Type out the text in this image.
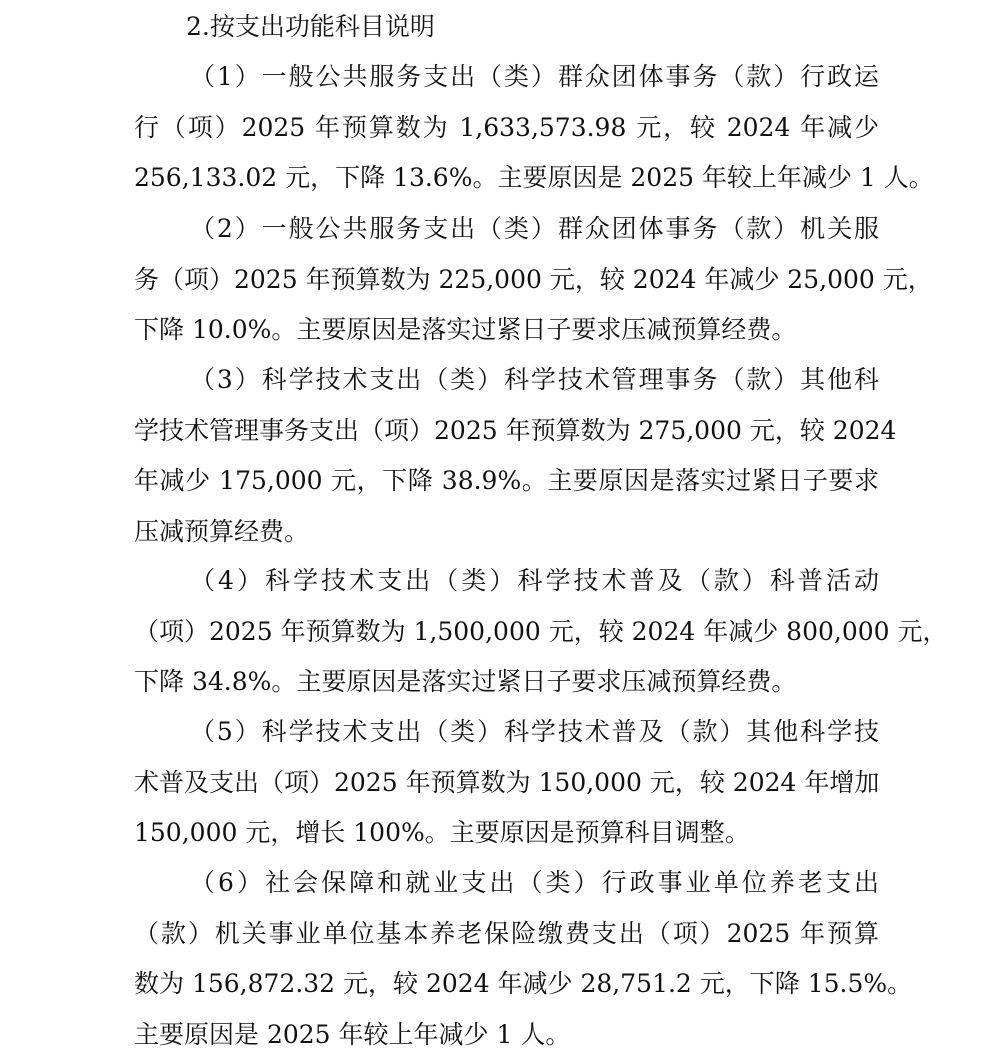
2.按支出功能科目说明

（1）一般公共服务支出（类）群众团体事务（款）行政运
行（项）2025 年预算数为 1,633,573.98 元，较 2024 年减少
256,133.02 元，下降 13.6%。主要原因是 2025 年较上年减少 1 人。

（2）一般公共服务支出（类）群众团体事务（款）机关服
务（项）2025 年预算数为 225,000 元，较 2024 年减少 25,000 元，
下降 10.0%。主要原因是落实过紧日子要求压减预算经费。

（3）科学技术支出（类）科学技术管理事务（款）其他科
学技术管理事务支出（项）2025 年预算数为 275,000 元，较 2024
年减少 175,000 元，下降 38.9%。主要原因是落实过紧日子要求
压减预算经费。

（4）科学技术支出（类）科学技术普及（款）科普活动
（项）2025 年预算数为 1,500,000 元，较 2024 年减少 800,000 元，
下降 34.8%。主要原因是落实过紧日子要求压减预算经费。

（5）科学技术支出（类）科学技术普及（款）其他科学技
术普及支出（项）2025 年预算数为 150,000 元，较 2024 年增加
150,000 元，增长 100%。主要原因是预算科目调整。

（6）社会保障和就业支出（类）行政事业单位养老支出
（款）机关事业单位基本养老保险缴费支出（项）2025 年预算
数为 156,872.32 元，较 2024 年减少 28,751.2 元，下降 15.5%。
主要原因是 2025 年较上年减少 1 人。
